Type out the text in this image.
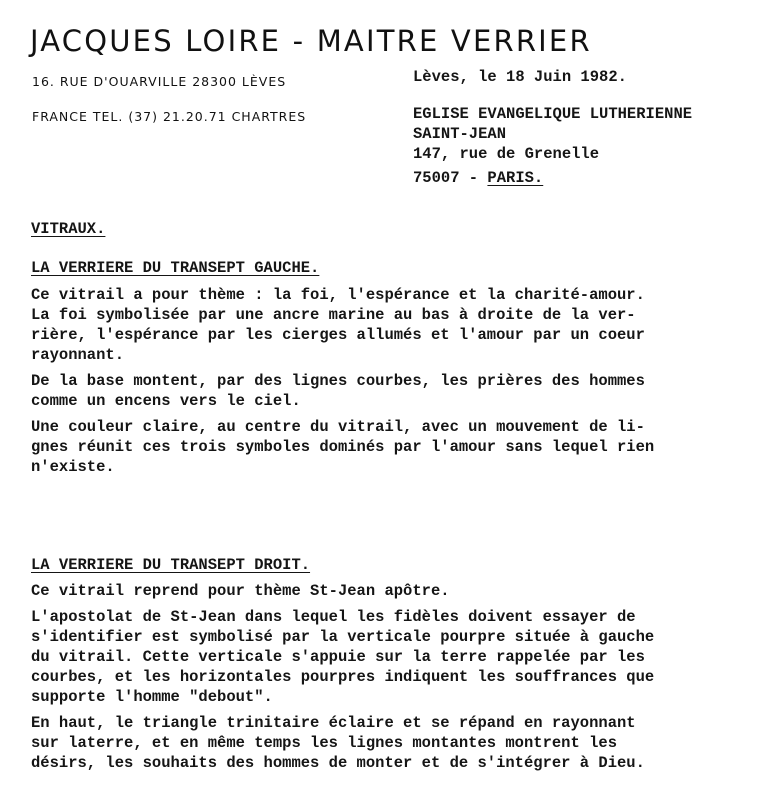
JACQUES LOIRE - MAITRE VERRIER
16. RUE D'OUARVILLE 28300 LÈVES
FRANCE TEL. (37) 21.20.71 CHARTRES
Lèves, le 18 Juin 1982.
EGLISE EVANGELIQUE LUTHERIENNE
SAINT-JEAN
147, rue de Grenelle
75007 - PARIS.
VITRAUX.
LA VERRIERE DU TRANSEPT GAUCHE.

Ce vitrail a pour thème : la foi, l'espérance et la charité-amour.

La foi symbolisée par une ancre marine au bas à droite de la ver-

rière, l'espérance par les cierges allumés et l'amour par un coeur

rayonnant.

De la base montent, par des lignes courbes, les prières des hommes

comme un encens vers le ciel.

Une couleur claire, au centre du vitrail, avec un mouvement de li-

gnes réunit ces trois symboles dominés par l'amour sans lequel rien

n'existe.

LA VERRIERE DU TRANSEPT DROIT.

Ce vitrail reprend pour thème St-Jean apôtre.

L'apostolat de St-Jean dans lequel les fidèles doivent essayer de

s'identifier est symbolisé par la verticale pourpre située à gauche

du vitrail. Cette verticale s'appuie sur la terre rappelée par les

courbes, et les horizontales pourpres indiquent les souffrances que

supporte l'homme "debout".

En haut, le triangle trinitaire éclaire et se répand en rayonnant

sur laterre, et en même temps les lignes montantes montrent les

désirs, les souhaits des hommes de monter et de s'intégrer à Dieu.
